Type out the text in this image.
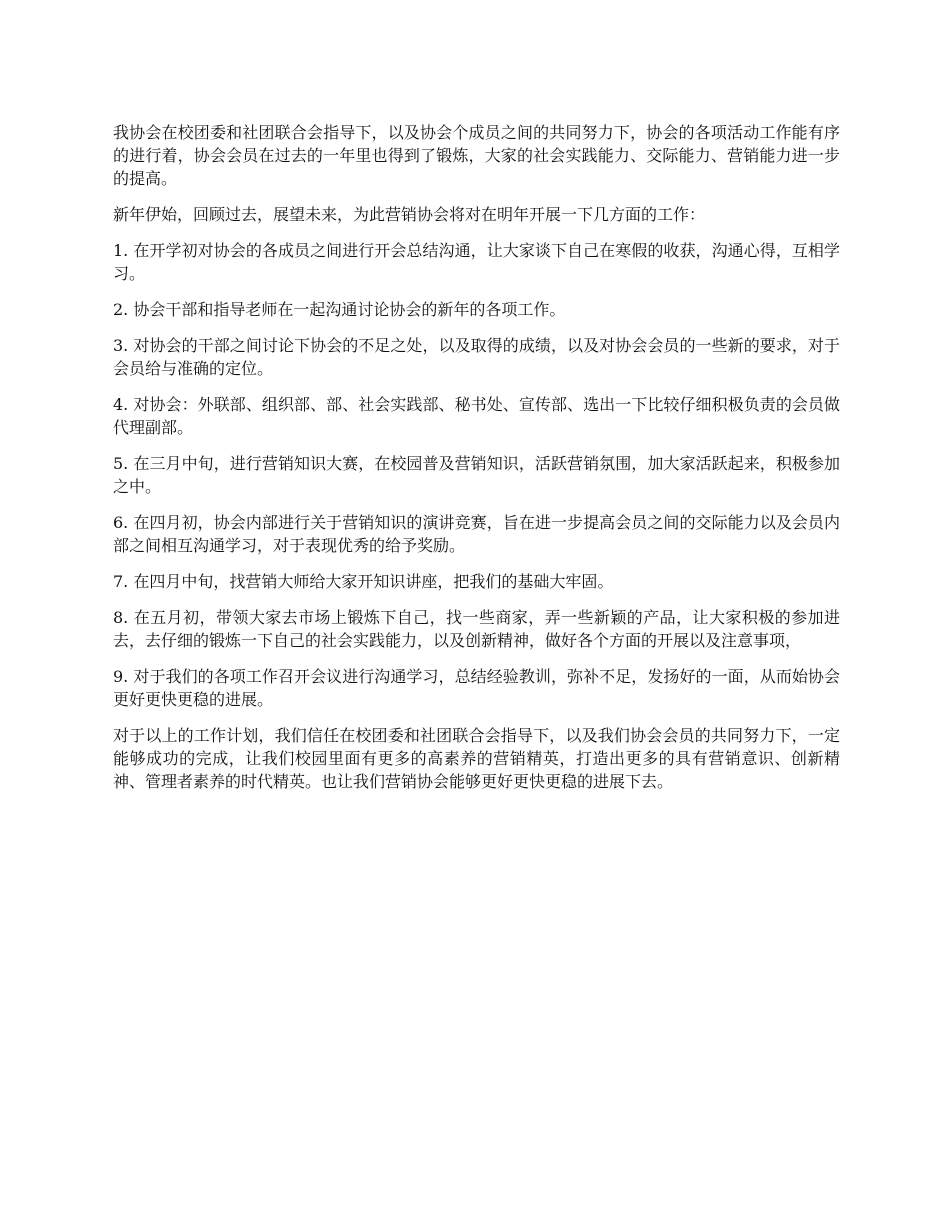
我协会在校团委和社团联合会指导下，以及协会个成员之间的共同努力下，协会的各项活动工作能有序的进行着，协会会员在过去的一年里也得到了锻炼，大家的社会实践能力、交际能力、营销能力进一步的提高。

新年伊始，回顾过去，展望未来，为此营销协会将对在明年开展一下几方面的工作：

1. 在开学初对协会的各成员之间进行开会总结沟通，让大家谈下自己在寒假的收获，沟通心得，互相学习。

2. 协会干部和指导老师在一起沟通讨论协会的新年的各项工作。

3. 对协会的干部之间讨论下协会的不足之处，以及取得的成绩，以及对协会会员的一些新的要求，对于会员给与准确的定位。

4. 对协会：外联部、组织部、部、社会实践部、秘书处、宣传部、选出一下比较仔细积极负责的会员做代理副部。

5. 在三月中旬，进行营销知识大赛，在校园普及营销知识，活跃营销氛围，加大家活跃起来，积极参加之中。

6. 在四月初，协会内部进行关于营销知识的演讲竞赛，旨在进一步提高会员之间的交际能力以及会员内部之间相互沟通学习，对于表现优秀的给予奖励。

7. 在四月中旬，找营销大师给大家开知识讲座，把我们的基础大牢固。

8. 在五月初，带领大家去市场上锻炼下自己，找一些商家，弄一些新颖的产品，让大家积极的参加进去，去仔细的锻炼一下自己的社会实践能力，以及创新精神，做好各个方面的开展以及注意事项，

9. 对于我们的各项工作召开会议进行沟通学习，总结经验教训，弥补不足，发扬好的一面，从而始协会更好更快更稳的进展。

对于以上的工作计划，我们信任在校团委和社团联合会指导下，以及我们协会会员的共同努力下，一定能够成功的完成，让我们校园里面有更多的高素养的营销精英，打造出更多的具有营销意识、创新精神、管理者素养的时代精英。也让我们营销协会能够更好更快更稳的进展下去。
